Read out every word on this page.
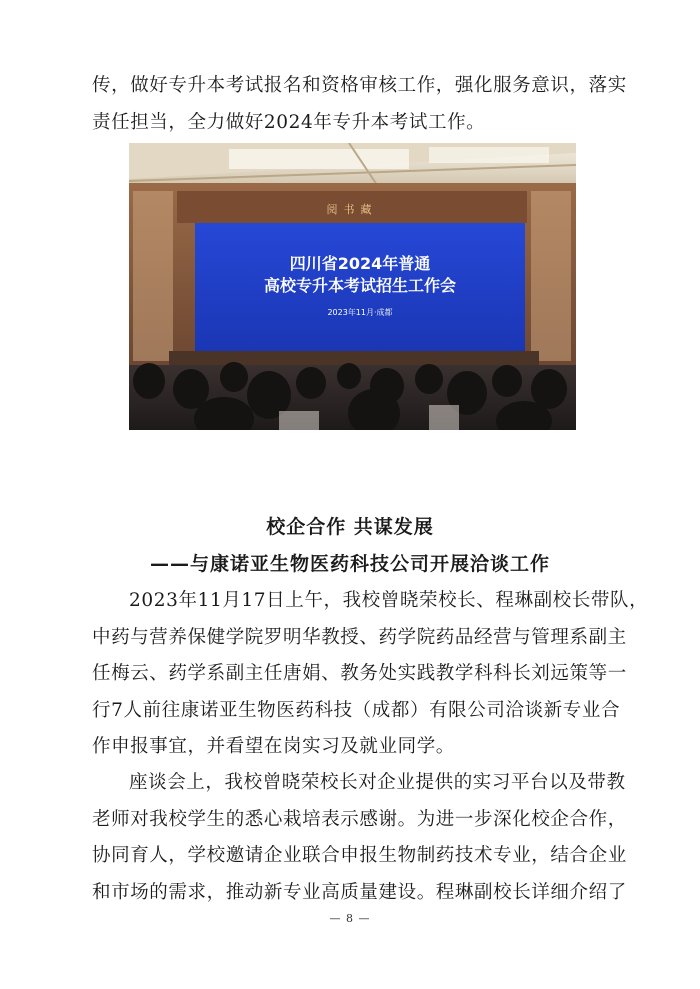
传，做好专升本考试报名和资格审核工作，强化服务意识，落实
责任担当，全力做好2024年专升本考试工作。
阅书藏
四川省2024年普通
高校专升本考试招生工作会
2023年11月·成都
校企合作 共谋发展
——与康诺亚生物医药科技公司开展洽谈工作
2023年11月17日上午，我校曾晓荣校长、程琳副校长带队，
中药与营养保健学院罗明华教授、药学院药品经营与管理系副主
任梅云、药学系副主任唐娟、教务处实践教学科科长刘远策等一
行7人前往康诺亚生物医药科技（成都）有限公司洽谈新专业合
作申报事宜，并看望在岗实习及就业同学。
座谈会上，我校曾晓荣校长对企业提供的实习平台以及带教
老师对我校学生的悉心栽培表示感谢。为进一步深化校企合作，
协同育人，学校邀请企业联合申报生物制药技术专业，结合企业
和市场的需求，推动新专业高质量建设。程琳副校长详细介绍了
— 8 —
